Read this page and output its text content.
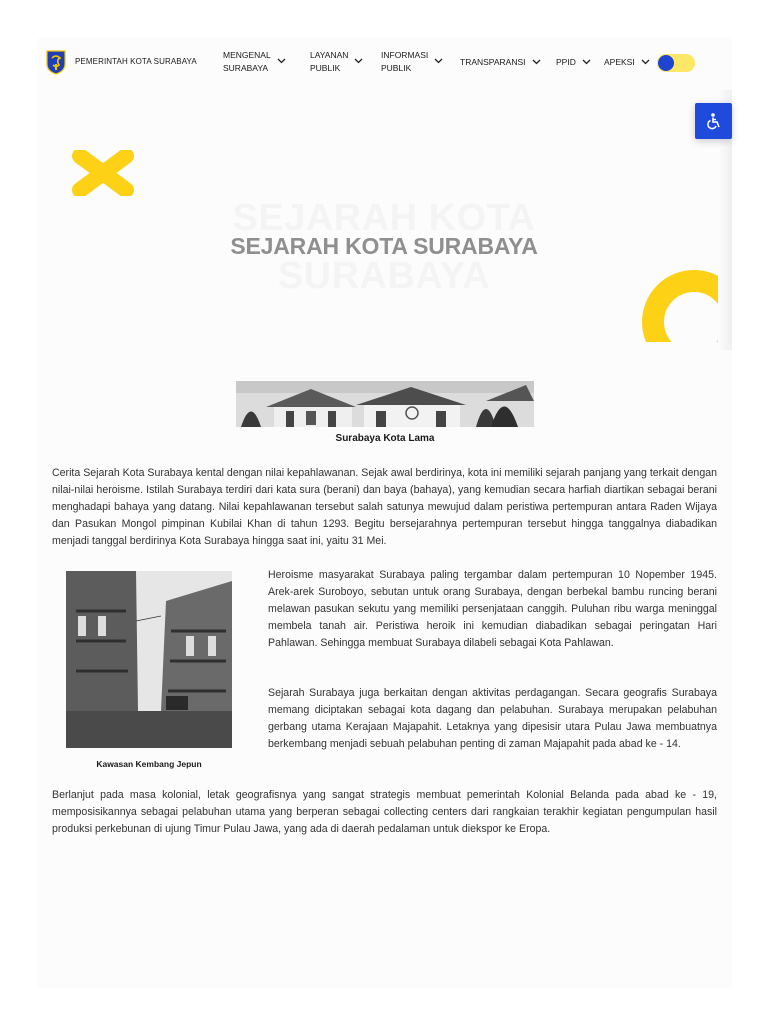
PEMERINTAH KOTA SURABAYA
MENGENAL
SURABAYA
LAYANAN
PUBLIK
INFORMASI
PUBLIK
TRANSPARANSI	PPID	APEKSI
SEJARAH KOTA
SURABAYA
SEJARAH KOTA SURABAYA
Surabaya Kota Lama
Cerita Sejarah Kota Surabaya kental dengan nilai kepahlawanan. Sejak awal berdirinya, kota ini memiliki sejarah panjang yang terkait dengan nilai-nilai heroisme. Istilah Surabaya terdiri dari kata sura (berani) dan baya (bahaya), yang kemudian secara harfiah diartikan sebagai berani menghadapi bahaya yang datang. Nilai kepahlawanan tersebut salah satunya mewujud dalam peristiwa pertempuran antara Raden Wijaya dan Pasukan Mongol pimpinan Kubilai Khan di tahun 1293. Begitu bersejarahnya pertempuran tersebut hingga tanggalnya diabadikan menjadi tanggal berdirinya Kota Surabaya hingga saat ini, yaitu 31 Mei.
Kawasan Kembang Jepun
Heroisme masyarakat Surabaya paling tergambar dalam pertempuran 10 Nopember 1945. Arek-arek Suroboyo, sebutan untuk orang Surabaya, dengan berbekal bambu runcing berani melawan pasukan sekutu yang memiliki persenjataan canggih. Puluhan ribu warga meninggal membela tanah air. Peristiwa heroik ini kemudian diabadikan sebagai peringatan Hari Pahlawan. Sehingga membuat Surabaya dilabeli sebagai Kota Pahlawan.
Sejarah Surabaya juga berkaitan dengan aktivitas perdagangan. Secara geografis Surabaya memang diciptakan sebagai kota dagang dan pelabuhan. Surabaya merupakan pelabuhan gerbang utama Kerajaan Majapahit. Letaknya yang dipesisir utara Pulau Jawa membuatnya berkembang menjadi sebuah pelabuhan penting di zaman Majapahit pada abad ke - 14.
Berlanjut pada masa kolonial, letak geografisnya yang sangat strategis membuat pemerintah Kolonial Belanda pada abad ke - 19, memposisikannya sebagai pelabuhan utama yang berperan sebagai collecting centers dari rangkaian terakhir kegiatan pengumpulan hasil produksi perkebunan di ujung Timur Pulau Jawa, yang ada di daerah pedalaman untuk diekspor ke Eropa.
